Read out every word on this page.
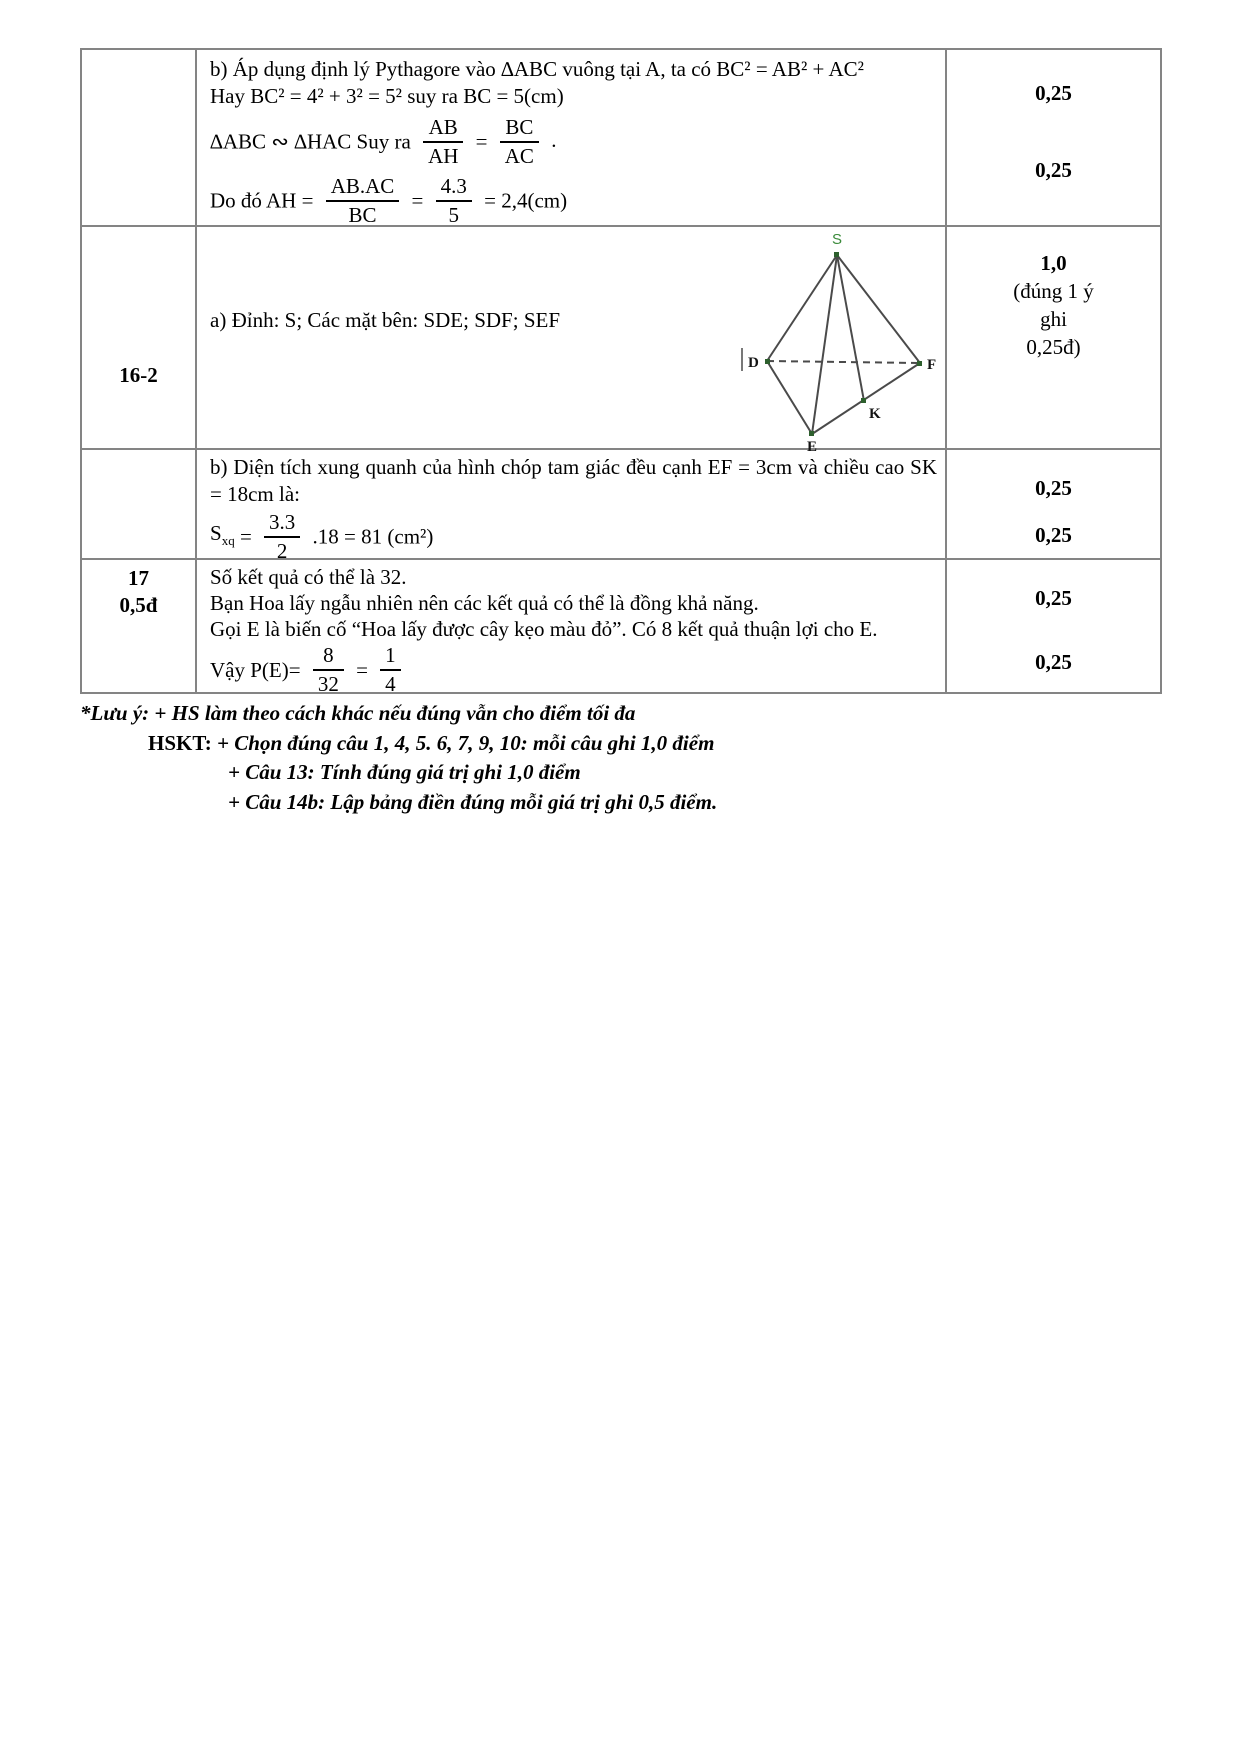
b) Áp dụng định lý Pythagore vào ∆ABC vuông tại A, ta có BC² = AB² + AC²

Hay BC² = 4² + 3² = 5² suy ra BC = 5(cm)

∆ABC ∾ ∆HAC Suy ra $\frac{AB}{AH} = \frac{BC}{AC}$ .

Do đó AH = $\frac{AB.AC}{BC} = \frac{4.3}{5} = 2,4(cm)$

0,25
0,25
16-2

a) Đỉnh: S; Các mặt bên: SDE; SDF; SEF

S
D	F
E
K
1,0
(đúng 1 ý
ghi
0,25đ)

b) Diện tích xung quanh của hình chóp tam giác đều cạnh EF = 3cm và chiều cao SK = 18cm là:

$S_{xq} = \frac{3.3}{2} .18 = 81$ (cm²)

0,25
0,25
17
0,5đ

Số kết quả có thể là 32.

Bạn Hoa lấy ngẫu nhiên nên các kết quả có thể là đồng khả năng.

Gọi E là biến cố “Hoa lấy được cây kẹo màu đỏ”. Có 8 kết quả thuận lợi cho E.

Vậy $P(E)= \frac{8}{32} = \frac{1}{4}$

0,25
0,25
*Lưu ý: + HS làm theo cách khác nếu đúng vẫn cho điểm tối đa
HSKT: + Chọn đúng câu 1, 4, 5. 6, 7, 9, 10: mỗi câu ghi 1,0 điểm
+ Câu 13: Tính đúng giá trị ghi 1,0 điểm
+ Câu 14b: Lập bảng điền đúng mỗi giá trị ghi 0,5 điểm.
